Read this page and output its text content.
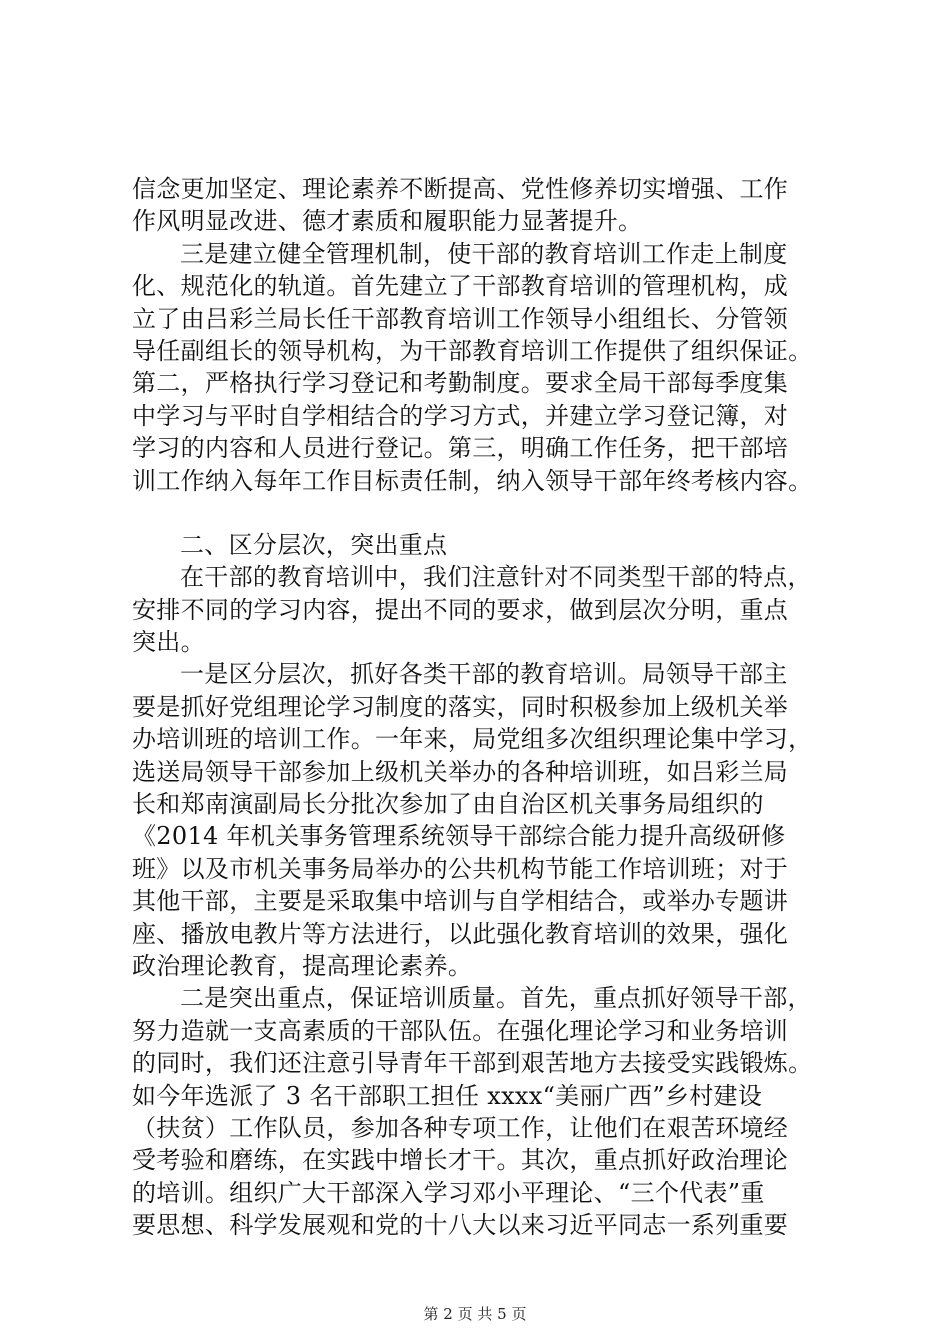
信念更加坚定、理论素养不断提高、党性修养切实增强、工作
作风明显改进、德才素质和履职能力显著提升。
三是建立健全管理机制，使干部的教育培训工作走上制度
化、规范化的轨道。首先建立了干部教育培训的管理机构，成
立了由吕彩兰局长任干部教育培训工作领导小组组长、分管领
导任副组长的领导机构，为干部教育培训工作提供了组织保证。
第二，严格执行学习登记和考勤制度。要求全局干部每季度集
中学习与平时自学相结合的学习方式，并建立学习登记簿，对
学习的内容和人员进行登记。第三，明确工作任务，把干部培
训工作纳入每年工作目标责任制，纳入领导干部年终考核内容。
二、区分层次，突出重点
在干部的教育培训中，我们注意针对不同类型干部的特点，
安排不同的学习内容，提出不同的要求，做到层次分明，重点
突出。
一是区分层次，抓好各类干部的教育培训。局领导干部主
要是抓好党组理论学习制度的落实，同时积极参加上级机关举
办培训班的培训工作。一年来，局党组多次组织理论集中学习，
选送局领导干部参加上级机关举办的各种培训班，如吕彩兰局
长和郑南演副局长分批次参加了由自治区机关事务局组织的
《2014 年机关事务管理系统领导干部综合能力提升高级研修
班》以及市机关事务局举办的公共机构节能工作培训班；对于
其他干部，主要是采取集中培训与自学相结合，或举办专题讲
座、播放电教片等方法进行，以此强化教育培训的效果，强化
政治理论教育，提高理论素养。
二是突出重点，保证培训质量。首先，重点抓好领导干部，
努力造就一支高素质的干部队伍。在强化理论学习和业务培训
的同时，我们还注意引导青年干部到艰苦地方去接受实践锻炼。
如今年选派了 3 名干部职工担任 xxxx“美丽广西”乡村建设
（扶贫）工作队员，参加各种专项工作，让他们在艰苦环境经
受考验和磨练，在实践中增长才干。其次，重点抓好政治理论
的培训。组织广大干部深入学习邓小平理论、“三个代表”重
要思想、科学发展观和党的十八大以来习近平同志一系列重要
第 2 页 共 5 页
